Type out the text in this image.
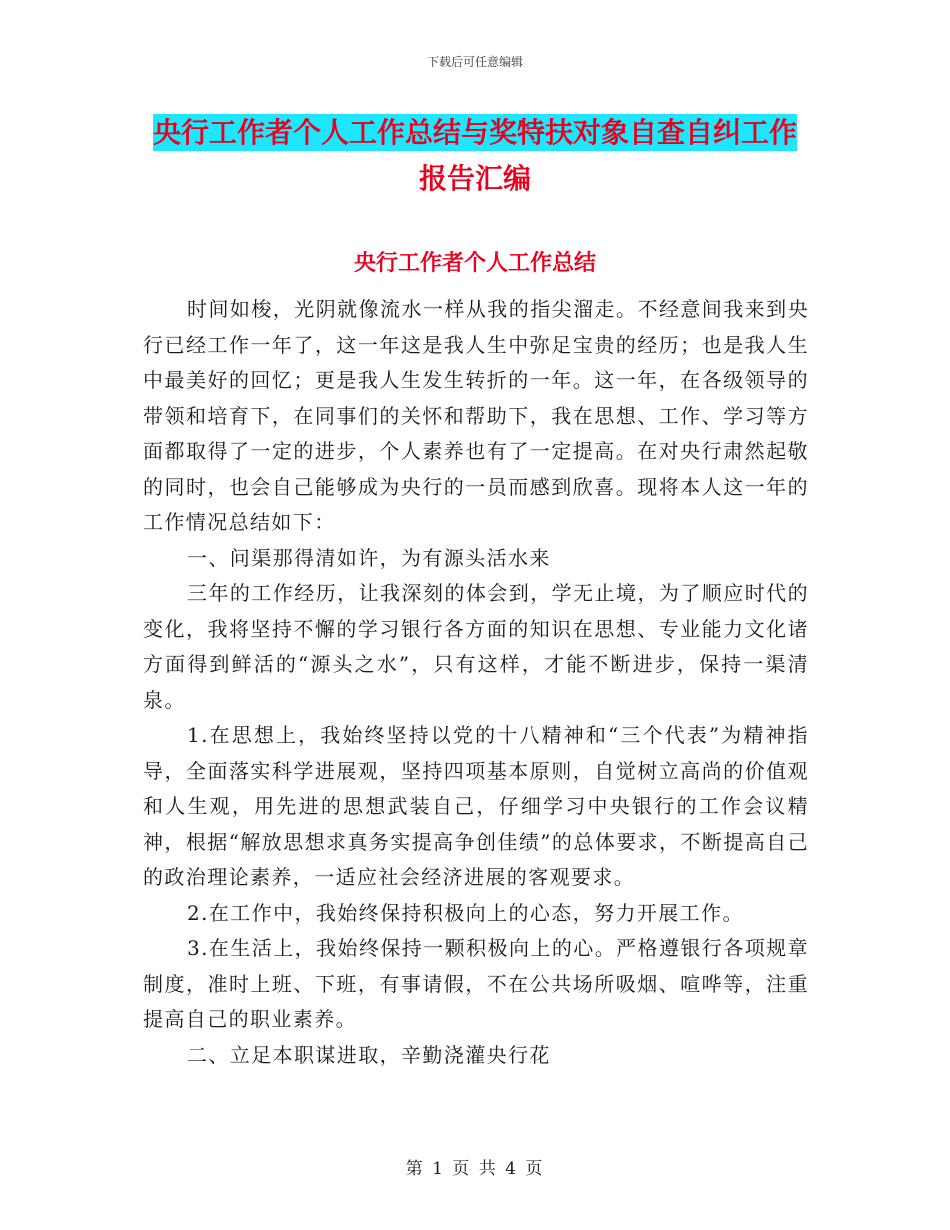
下载后可任意编辑
央行工作者个人工作总结与奖特扶对象自查自纠工作
报告汇编
央行工作者个人工作总结

时间如梭，光阴就像流水一样从我的指尖溜走。不经意间我来到央行已经工作一年了，这一年这是我人生中弥足宝贵的经历；也是我人生中最美好的回忆；更是我人生发生转折的一年。这一年，在各级领导的带领和培育下，在同事们的关怀和帮助下，我在思想、工作、学习等方面都取得了一定的进步，个人素养也有了一定提高。在对央行肃然起敬的同时，也会自己能够成为央行的一员而感到欣喜。现将本人这一年的工作情况总结如下：

一、问渠那得清如许，为有源头活水来

三年的工作经历，让我深刻的体会到，学无止境，为了顺应时代的变化，我将坚持不懈的学习银行各方面的知识在思想、专业能力文化诸方面得到鲜活的“源头之水”，只有这样，才能不断进步，保持一渠清泉。

1.在思想上，我始终坚持以党的十八精神和“三个代表”为精神指导，全面落实科学进展观，坚持四项基本原则，自觉树立高尚的价值观和人生观，用先进的思想武装自己，仔细学习中央银行的工作会议精神，根据“解放思想求真务实提高争创佳绩”的总体要求，不断提高自己的政治理论素养，一适应社会经济进展的客观要求。

2.在工作中，我始终保持积极向上的心态，努力开展工作。

3.在生活上，我始终保持一颗积极向上的心。严格遵银行各项规章制度，准时上班、下班，有事请假，不在公共场所吸烟、喧哗等，注重提高自己的职业素养。

二、立足本职谋进取，辛勤浇灌央行花

第 1 页 共 4 页
